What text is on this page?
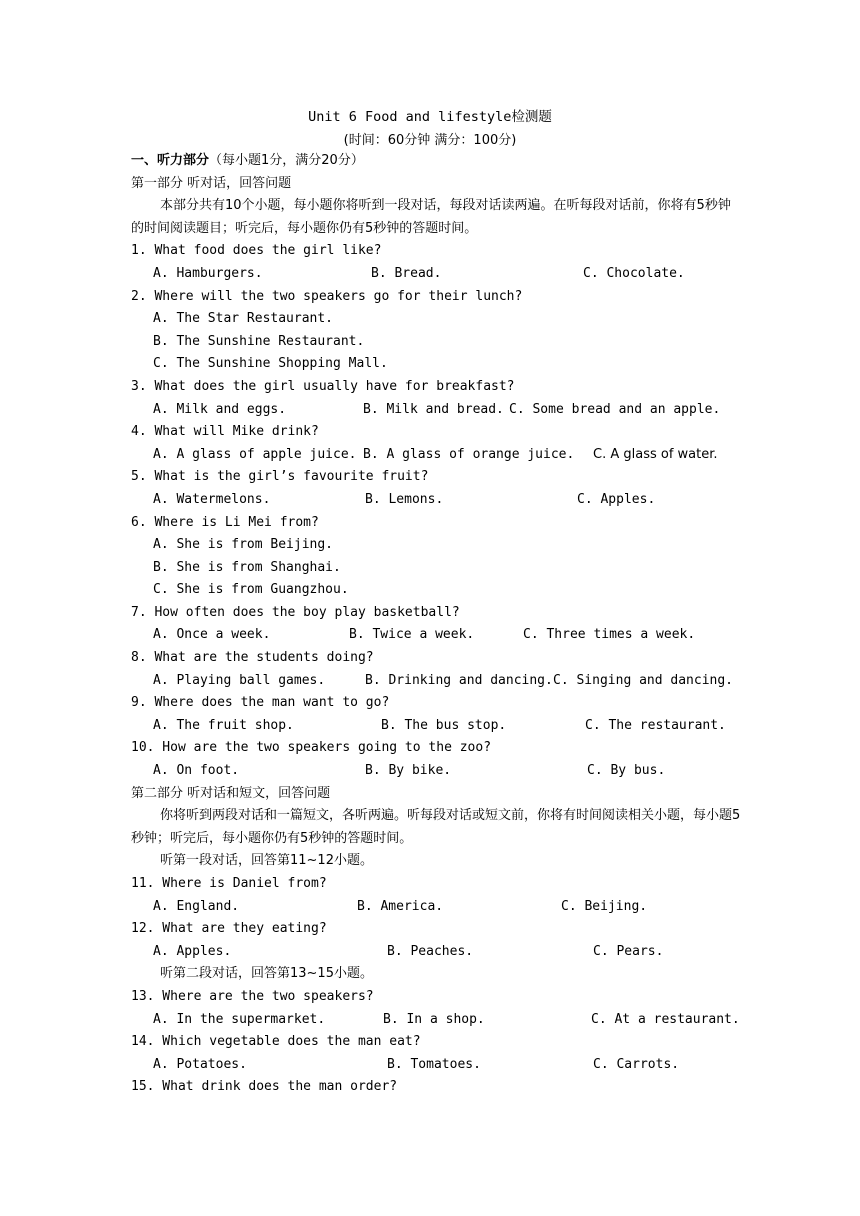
Unit 6 Food and lifestyle检测题
(时间：60分钟 满分：100分)
一、听力部分（每小题1分，满分20分）
第一部分 听对话，回答问题
本部分共有10个小题，每小题你将听到一段对话，每段对话读两遍。在听每段对话前，你将有5秒钟的时间阅读题目；听完后，每小题你仍有5秒钟的答题时间。
1. What food does the girl like?
A. Hamburgers.	B. Bread.	C. Chocolate.
2. Where will the two speakers go for their lunch?
A. The Star Restaurant.
B. The Sunshine Restaurant.
C. The Sunshine Shopping Mall.
3. What does the girl usually have for breakfast?
A. Milk and eggs.	B. Milk and bread. C. Some bread and an apple.
4. What will Mike drink?
A. A glass of apple juice. B. A glass of orange juice.	C. A glass of water.
5. What is the girl’s favourite fruit?
A. Watermelons.	B. Lemons.	C. Apples.
6. Where is Li Mei from?
A. She is from Beijing.
B. She is from Shanghai.
C. She is from Guangzhou.
7. How often does the boy play basketball?
A. Once a week.	B. Twice a week.	C. Three times a week.
8. What are the students doing?
A. Playing ball games.	B. Drinking and dancing. C. Singing and dancing.
9. Where does the man want to go?
A. The fruit shop.	B. The bus stop.	C. The restaurant.
10. How are the two speakers going to the zoo?
A. On foot.	B. By bike.	C. By bus.
第二部分 听对话和短文，回答问题
你将听到两段对话和一篇短文，各听两遍。听每段对话或短文前，你将有时间阅读相关小题，每小题5秒钟；听完后，每小题你仍有5秒钟的答题时间。
听第一段对话，回答第11~12小题。
11. Where is Daniel from?
A. England.	B. America.	C. Beijing.
12. What are they eating?
A. Apples.	B. Peaches.	C. Pears.
听第二段对话，回答第13~15小题。
13. Where are the two speakers?
A. In the supermarket.	B. In a shop.	C. At a restaurant.
14. Which vegetable does the man eat?
A. Potatoes.	B. Tomatoes.	C. Carrots.
15. What drink does the man order?
